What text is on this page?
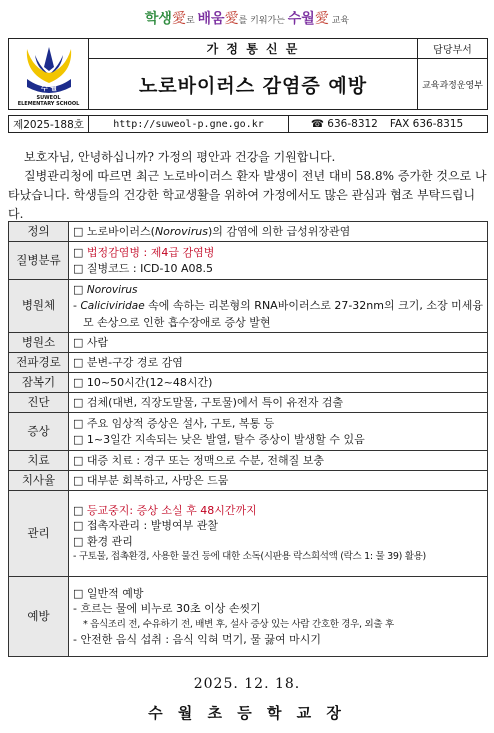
학생愛로 배움愛를 키워가는 수월愛 교육
수 월
SUWEOL
ELEMENTARY SCHOOL	가 정 통 신 문	담당부서
	노로바이러스 감염증 예방	교육과정운영부
제2025-188호	http://suweol-p.gne.go.kr	☎ 636-8312	FAX 636-8315

보호자님, 안녕하십니까? 가정의 평안과 건강을 기원합니다.

질병관리청에 따르면 최근 노로바이러스 환자 발생이 전년 대비 58.8% 증가한 것으로 나타났습니다. 학생들의 건강한 학교생활을 위하여 가정에서도 많은 관심과 협조 부탁드립니다.

정의	□ 노로바이러스(Norovirus)의 감염에 의한 급성위장관염
질병분류	□ 법정감염병 : 제4급 감염병
□ 질병코드 : ICD-10 A08.5

병원체	□ Norovirus
- Caliciviridae 속에 속하는 리본형의 RNA바이러스로 27-32nm의 크기, 소장 미세융모 손상으로 인한 흡수장애로 증상 발현

병원소	□ 사람
전파경로	□ 분변-구강 경로 감염
잠복기	□ 10~50시간(12~48시간)
진단	□ 검체(대변, 직장도말물, 구토물)에서 특이 유전자 검출
증상	□ 주요 임상적 증상은 설사, 구토, 복통 등
□ 1~3일간 지속되는 낮은 발열, 탈수 증상이 발생할 수 있음

치료	□ 대증 치료 : 경구 또는 정맥으로 수분, 전해질 보충
치사율	□ 대부분 회복하고, 사망은 드뭄
관리	□ 등교중지: 증상 소실 후 48시간까지
□ 접촉자관리 : 발병여부 관찰
□ 환경 관리
- 구토물, 접촉환경, 사용한 물건 등에 대한 소독(시판용 락스희석액 (락스 1: 물 39) 활용)

예방	□ 일반적 예방
- 흐르는 물에 비누로 30초 이상 손씻기
* 음식조리 전, 수유하기 전, 배변 후, 설사 증상 있는 사람 간호한 경우, 외출 후
- 안전한 음식 섭취 : 음식 익혀 먹기, 물 끓여 마시기
2025. 12. 18.
수 월 초 등 학 교 장
